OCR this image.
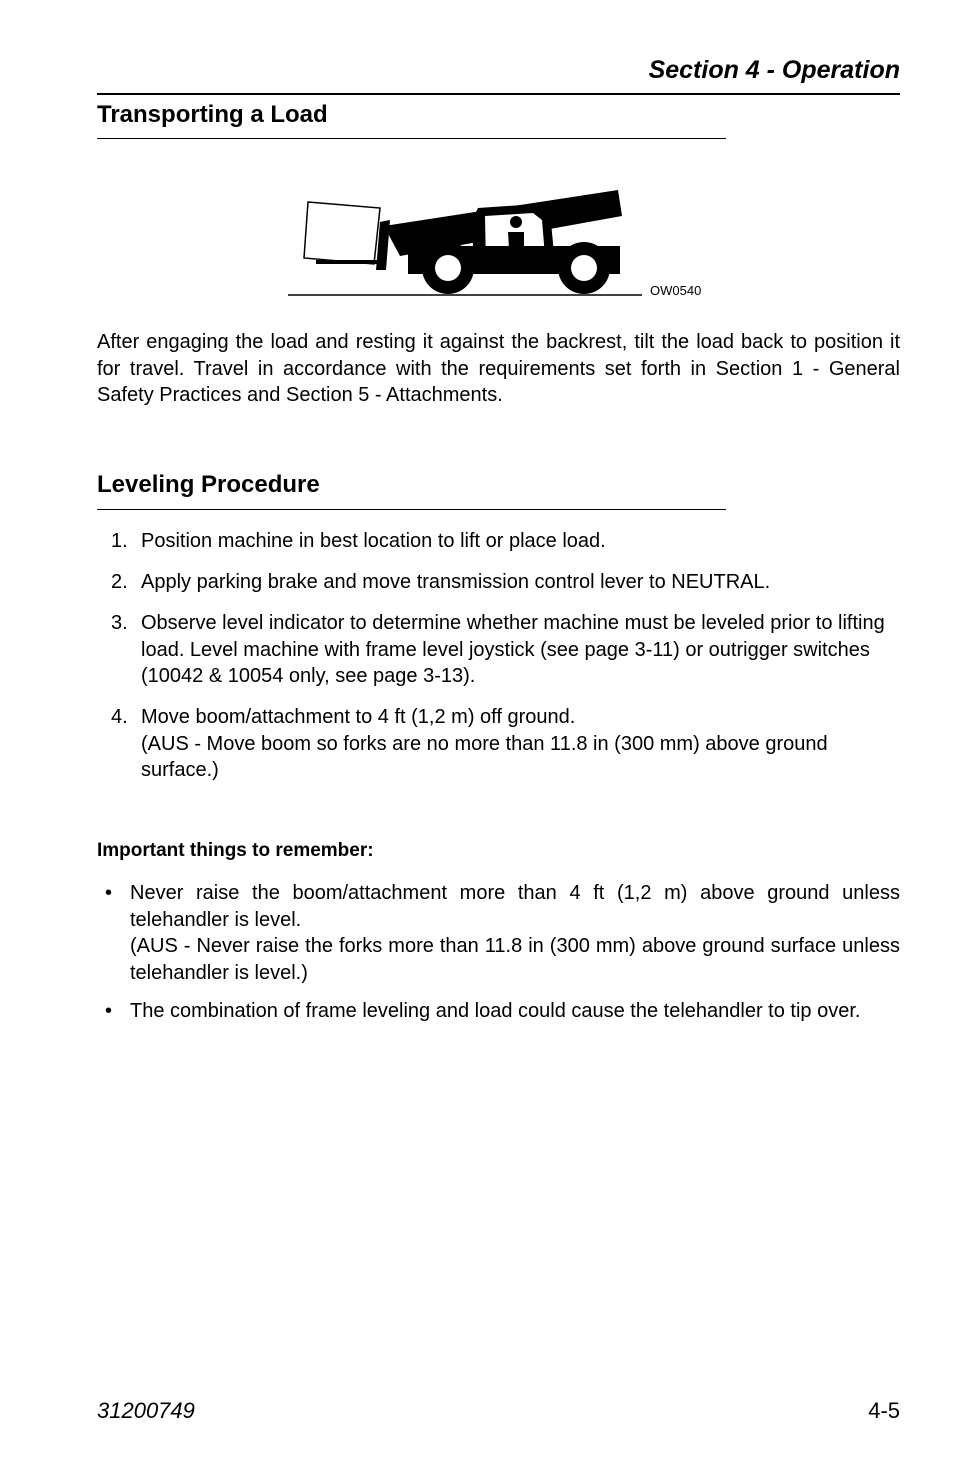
Section 4 - Operation
Transporting a Load
OW0540

After engaging the load and resting it against the backrest, tilt the load back to position it for travel. Travel in accordance with the requirements set forth in Section 1 - General Safety Practices and Section 5 - Attachments.

Leveling Procedure
1. Position machine in best location to lift or place load.
2. Apply parking brake and move transmission control lever to NEUTRAL.
3. Observe level indicator to determine whether machine must be leveled prior to lifting load. Level machine with frame level joystick (see page 3-11) or outrigger switches (10042 & 10054 only, see page 3-13).
4. Move boom/attachment to 4 ft (1,2 m) off ground.
(AUS - Move boom so forks are no more than 11.8 in (300 mm) above ground surface.)

Important things to remember:

• Never raise the boom/attachment more than 4 ft (1,2 m) above ground unless telehandler is level.
(AUS - Never raise the forks more than 11.8 in (300 mm) above ground surface unless telehandler is level.)
• The combination of frame leveling and load could cause the telehandler to tip over.

31200749	4-5
